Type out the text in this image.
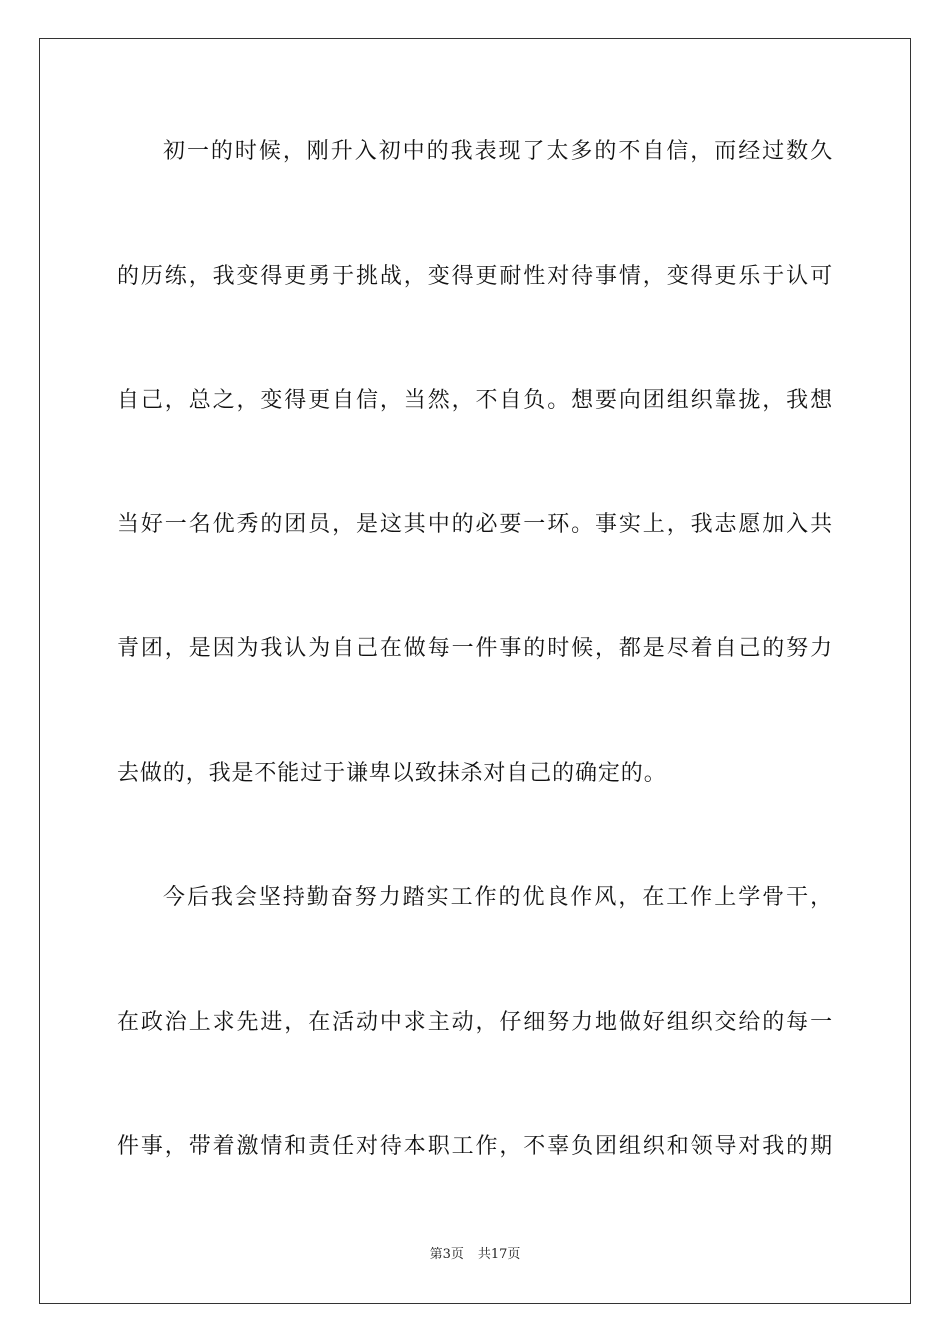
初一的时候，刚升入初中的我表现了太多的不自信，而经过数久
的历练，我变得更勇于挑战，变得更耐性对待事情，变得更乐于认可
自己，总之，变得更自信，当然，不自负。想要向团组织靠拢，我想
当好一名优秀的团员，是这其中的必要一环。事实上，我志愿加入共
青团，是因为我认为自己在做每一件事的时候，都是尽着自己的努力
去做的，我是不能过于谦卑以致抹杀对自己的确定的。
今后我会坚持勤奋努力踏实工作的优良作风，在工作上学骨干，
在政治上求先进，在活动中求主动，仔细努力地做好组织交给的每一
件事，带着激情和责任对待本职工作，不辜负团组织和领导对我的期
第3页 共17页
